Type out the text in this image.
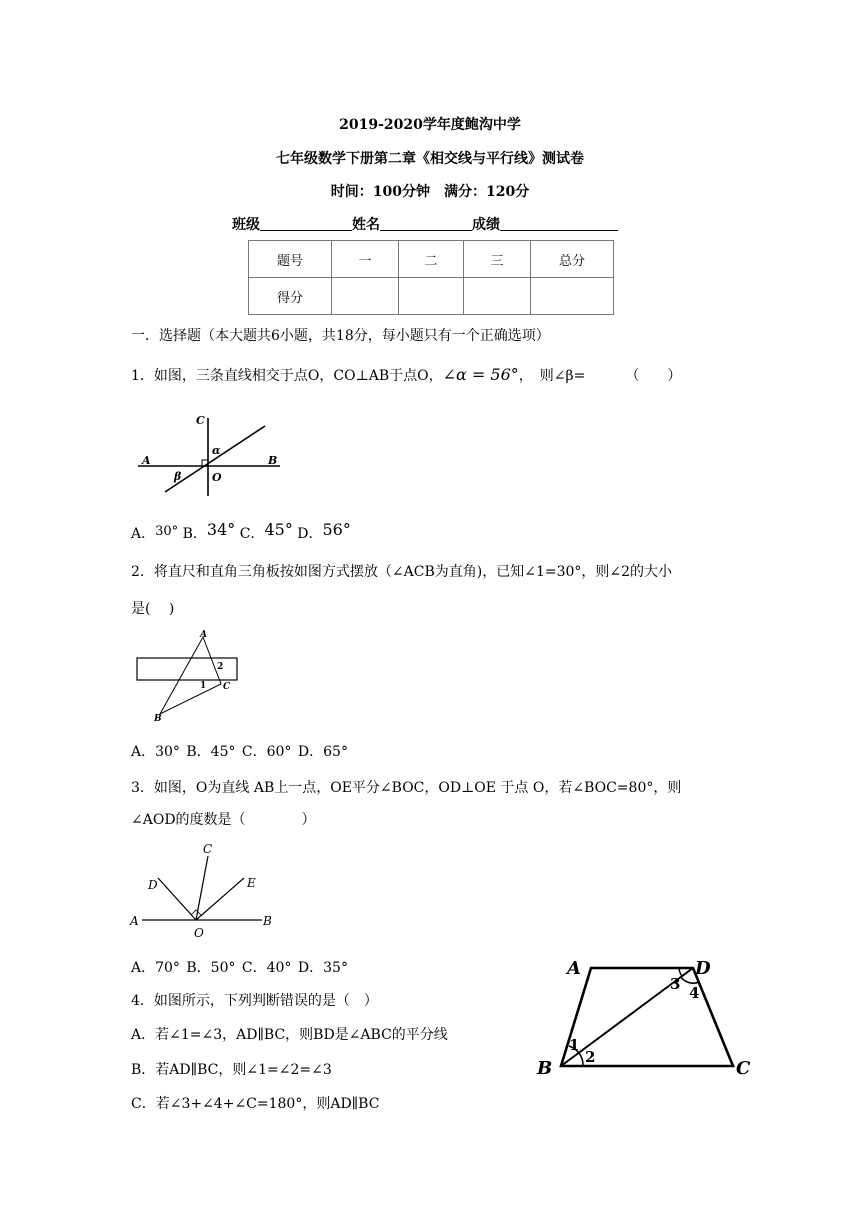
2019-2020学年度鲍沟中学
七年级数学下册第二章《相交线与平行线》测试卷
时间：100分钟　满分：120分
班级	姓名	成绩
题号	一	二	三	总分
得分				
一．选择题（本大题共6小题，共18分，每小题只有一个正确选项）
1．如图，三条直线相交于点O，CO⊥AB于点O，∠α = 56°，　则∠β=	（　　）
C
A	B
O
α
β
A．30° B．34° C．45° D．56°
2．将直尺和直角三角板按如图方式摆放（∠ACB为直角)，已知∠1=30°，则∠2的大小
是(　 )
A
2
1 C
B
A．30° B．45° C．60° D．65°
3．如图，O为直线 AB上一点，OE平分∠BOC，OD⊥OE 于点 O，若∠BOC=80°，则
∠AOD的度数是（　　　　）
C
D	E
A	B
O
A．70° B．50° C．40° D．35°
4．如图所示，下列判断错误的是（　）
A．若∠1=∠3，AD∥BC，则BD是∠ABC的平分线
B．若AD∥BC，则∠1=∠2=∠3
C．若∠3+∠4+∠C=180°，则AD∥BC
A	D
B	C
1
2
3 4
